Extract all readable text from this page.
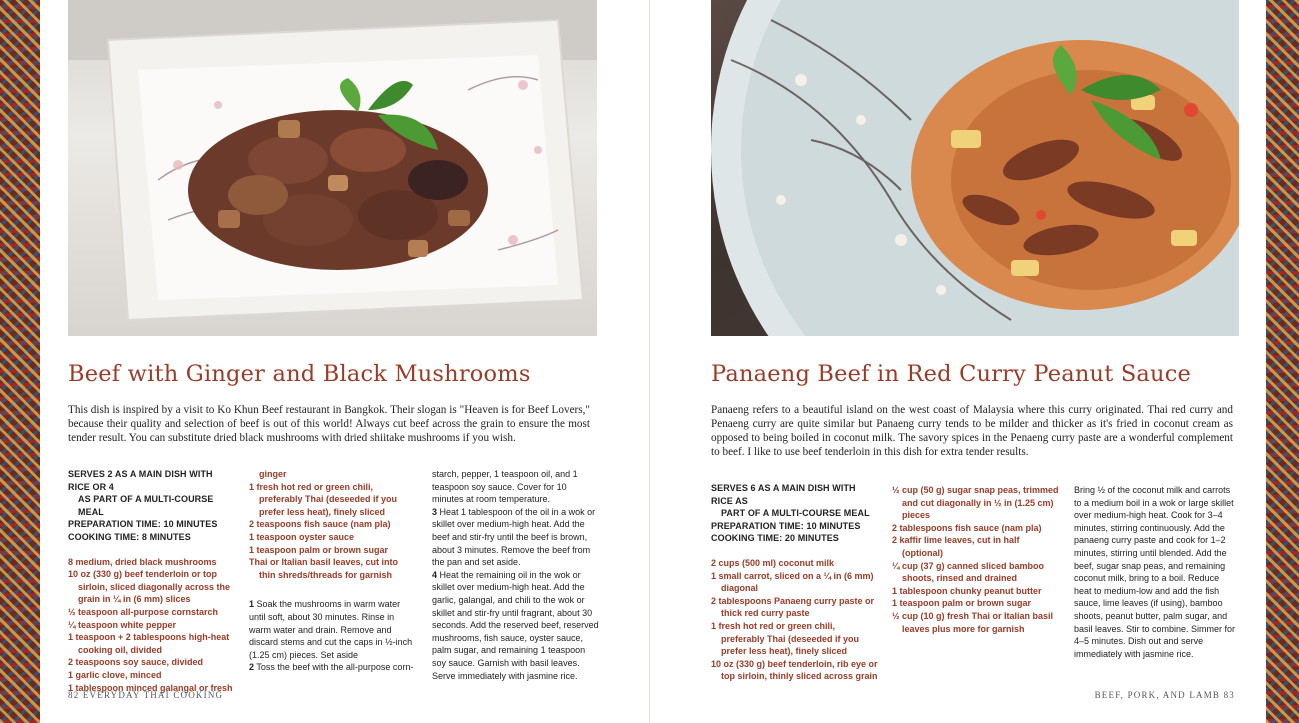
Beef with Ginger and Black Mushrooms

This dish is inspired by a visit to Ko Khun Beef restaurant in Bangkok. Their slogan is "Heaven is for Beef Lovers," because their quality and selection of beef is out of this world! Always cut beef across the grain to ensure the most tender result. You can substitute dried black mushrooms with dried shiitake mushrooms if you wish.

SERVES 2 AS A MAIN DISH WITH RICE OR 4
AS PART OF A MULTI-COURSE MEAL
PREPARATION TIME: 10 MINUTES
COOKING TIME: 8 MINUTES
8 medium, dried black mushrooms
10 oz (330 g) beef tenderloin or top sirloin, sliced diagonally across the grain in ¼ in (6 mm) slices
½ teaspoon all-purpose cornstarch
¼ teaspoon white pepper
1 teaspoon + 2 tablespoons high-heat cooking oil, divided
2 teaspoons soy sauce, divided
1 garlic clove, minced
1 tablespoon minced galangal or fresh
ginger
1 fresh hot red or green chili, preferably Thai (deseeded if you prefer less heat), finely sliced
2 teaspoons fish sauce (nam pla)
1 teaspoon oyster sauce
1 teaspoon palm or brown sugar
Thai or Italian basil leaves, cut into thin shreds/threads for garnish

1 Soak the mushrooms in warm water until soft, about 30 minutes. Rinse in warm water and drain. Remove and discard stems and cut the caps in ½-inch (1.25 cm) pieces. Set aside

2 Toss the beef with the all-purpose corn-

starch, pepper, 1 teaspoon oil, and 1 teaspoon soy sauce. Cover for 10 minutes at room temperature.

3 Heat 1 tablespoon of the oil in a wok or skillet over medium-high heat. Add the beef and stir-fry until the beef is brown, about 3 minutes. Remove the beef from the pan and set aside.

4 Heat the remaining oil in the wok or skillet over medium-high heat. Add the garlic, galangal, and chili to the wok or skillet and stir-fry until fragrant, about 30 seconds. Add the reserved beef, reserved mushrooms, fish sauce, oyster sauce, palm sugar, and remaining 1 teaspoon soy sauce. Garnish with basil leaves. Serve immediately with jasmine rice.

82 EVERYDAY THAI COOKING
Panaeng Beef in Red Curry Peanut Sauce

Panaeng refers to a beautiful island on the west coast of Malaysia where this curry originated. Thai red curry and Penaeng curry are quite similar but Panaeng curry tends to be milder and thicker as it's fried in coconut cream as opposed to being boiled in coconut milk. The savory spices in the Penaeng curry paste are a wonderful complement to beef. I like to use beef tenderloin in this dish for extra tender results.

SERVES 6 AS A MAIN DISH WITH RICE AS
PART OF A MULTI-COURSE MEAL
PREPARATION TIME: 10 MINUTES
COOKING TIME: 20 MINUTES
2 cups (500 ml) coconut milk
1 small carrot, sliced on a ¼ in (6 mm) diagonal
2 tablespoons Panaeng curry paste or thick red curry paste
1 fresh hot red or green chili, preferably Thai (deseeded if you prefer less heat), finely sliced
10 oz (330 g) beef tenderloin, rib eye or top sirloin, thinly sliced across grain
½ cup (50 g) sugar snap peas, trimmed and cut diagonally in ½ in (1.25 cm) pieces
2 tablespoons fish sauce (nam pla)
2 kaffir lime leaves, cut in half (optional)
¼ cup (37 g) canned sliced bamboo shoots, rinsed and drained
1 tablespoon chunky peanut butter
1 teaspoon palm or brown sugar
½ cup (10 g) fresh Thai or Italian basil leaves plus more for garnish

Bring ½ of the coconut milk and carrots to a medium boil in a wok or large skillet over medium-high heat. Cook for 3–4 minutes, stirring continuously. Add the panaeng curry paste and cook for 1–2 minutes, stirring until blended. Add the beef, sugar snap peas, and remaining coconut milk, bring to a boil. Reduce heat to medium-low and add the fish sauce, lime leaves (if using), bamboo shoots, peanut butter, palm sugar, and basil leaves. Stir to combine. Simmer for 4–5 minutes. Dish out and serve immediately with jasmine rice.

BEEF, PORK, AND LAMB 83
